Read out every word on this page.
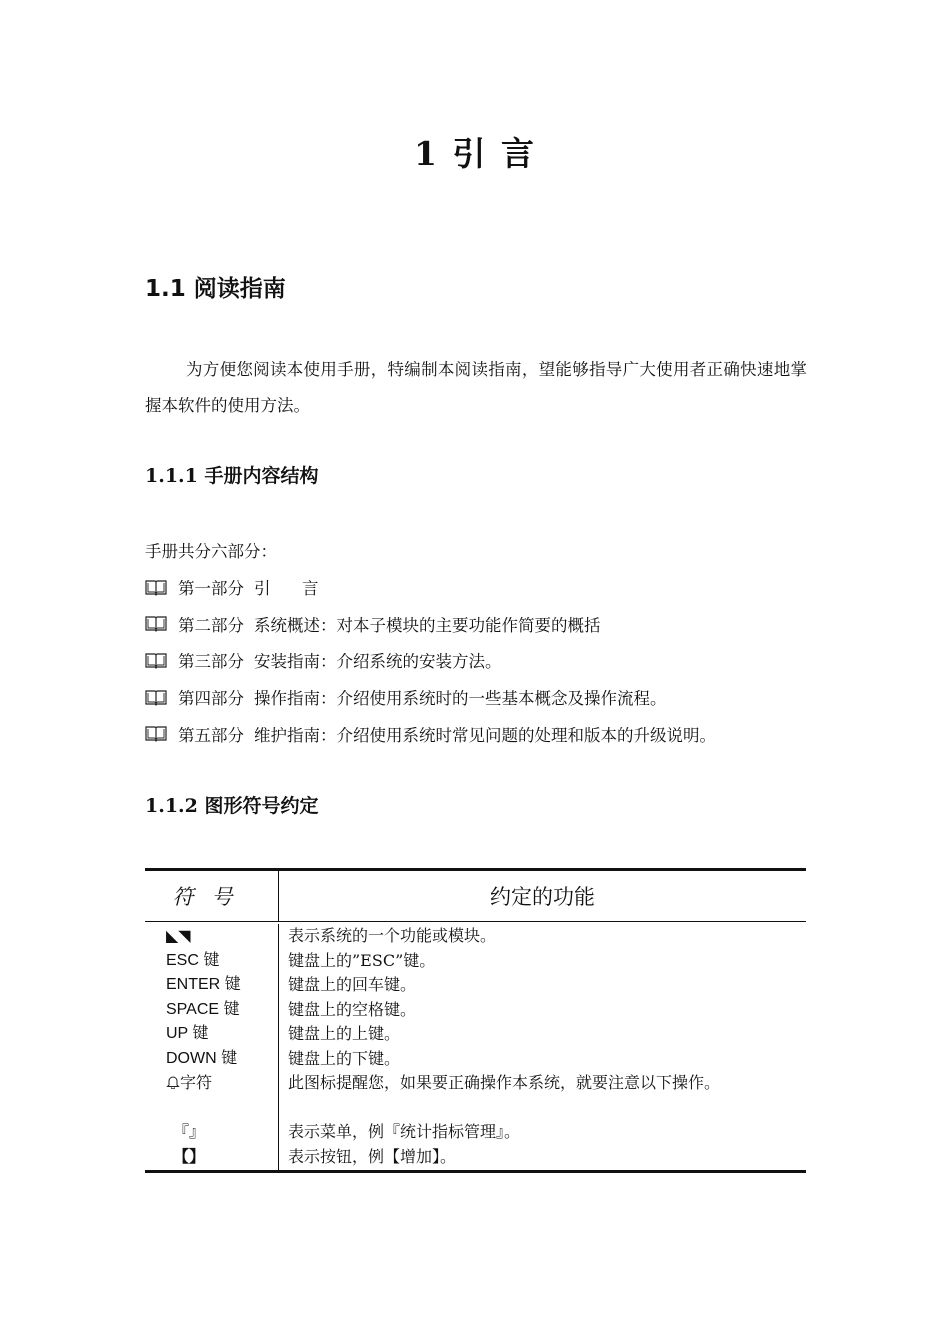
1 引 言
1.1 阅读指南
为方便您阅读本使用手册，特编制本阅读指南，望能够指导广大使用者正确快速地掌握本软件的使用方法。
1.1.1 手册内容结构
手册共分六部分：
第一部分 引      言
第二部分 系统概述：对本子模块的主要功能作简要的概括
第三部分 安装指南：介绍系统的安装方法。
第四部分 操作指南：介绍使用系统时的一些基本概念及操作流程。
第五部分 维护指南：介绍使用系统时常见问题的处理和版本的升级说明。
1.1.2 图形符号约定
符号	约定的功能
◣◥
ESC 键
ENTER 键
SPACE 键
UP 键
DOWN 键
字符
『』
【】
表示系统的一个功能或模块。
键盘上的”ESC”键。
键盘上的回车键。
键盘上的空格键。
键盘上的上键。
键盘上的下键。
此图标提醒您，如果要正确操作本系统，就要注意以下操作。
表示菜单，例『统计指标管理』。
表示按钮，例【增加】。
